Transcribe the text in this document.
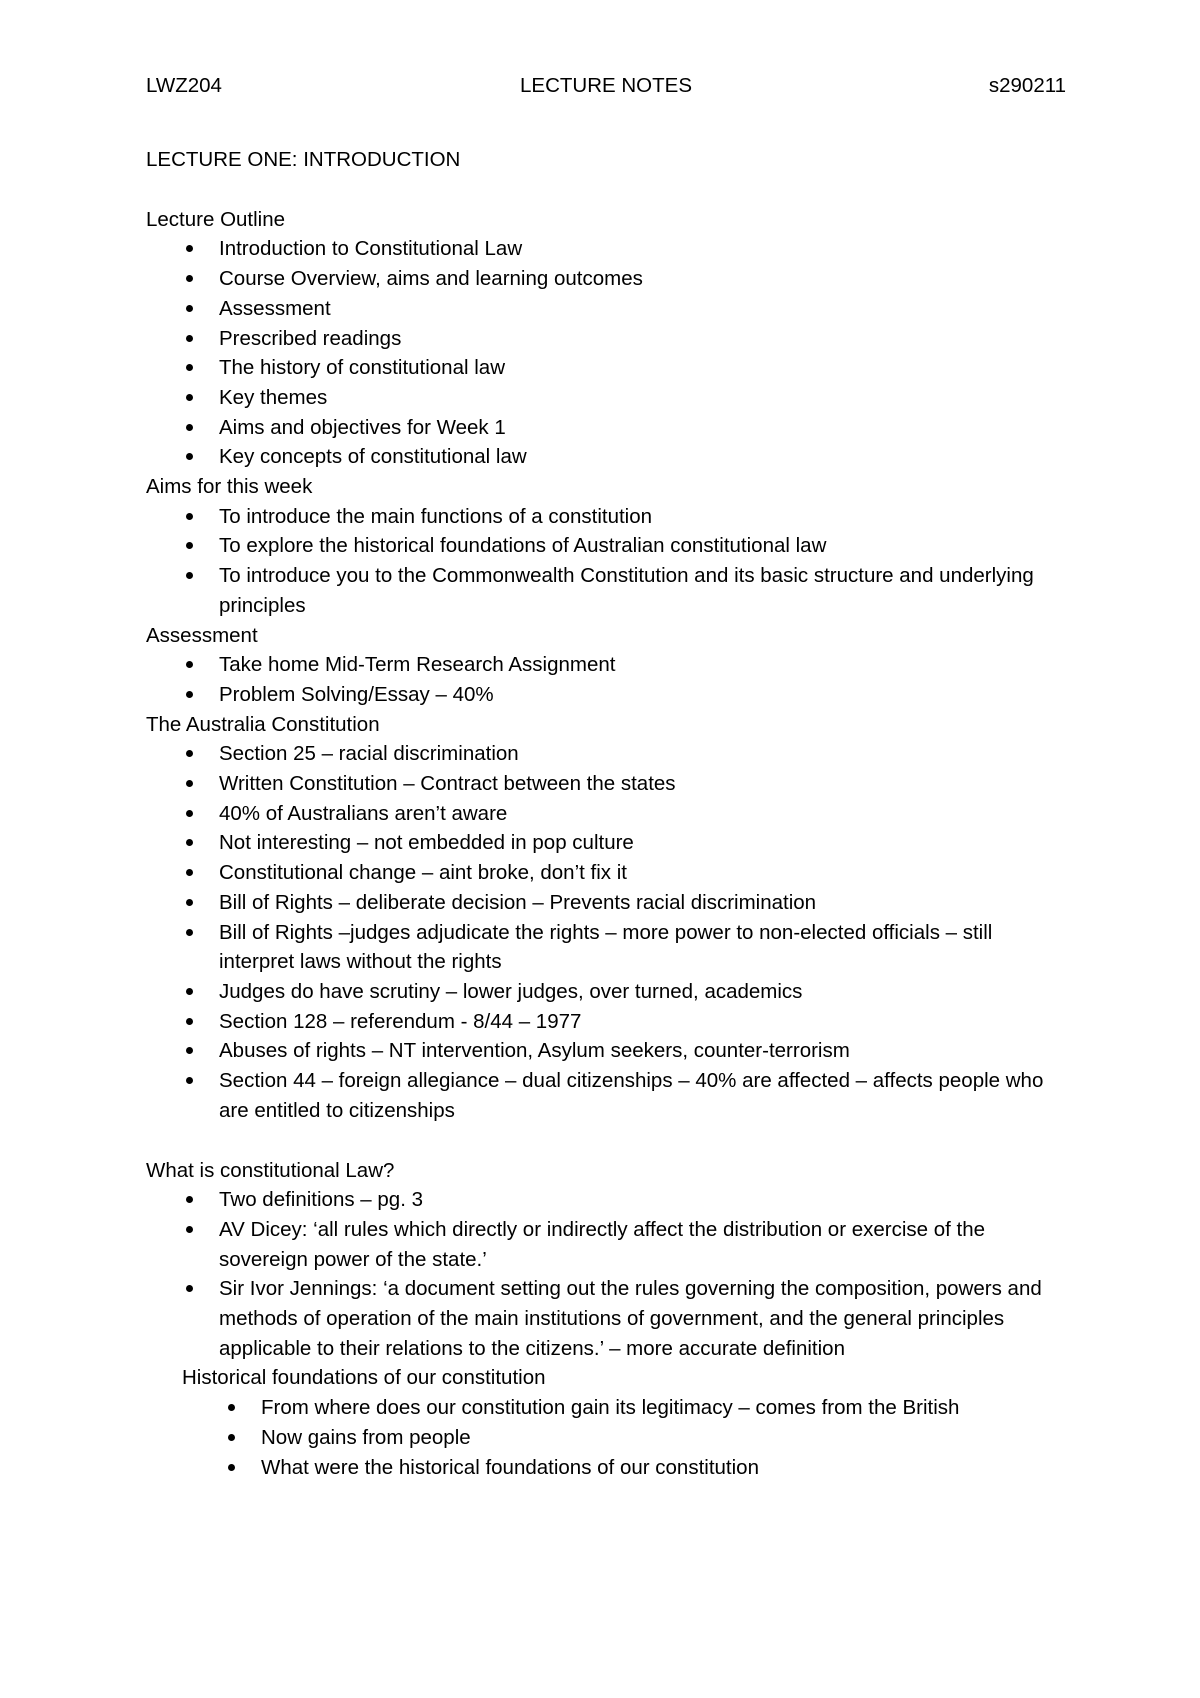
LWZ204	LECTURE NOTES	s290211
LECTURE ONE: INTRODUCTION
Lecture Outline
Introduction to Constitutional Law
Course Overview, aims and learning outcomes
Assessment
Prescribed readings
The history of constitutional law
Key themes
Aims and objectives for Week 1
Key concepts of constitutional law
Aims for this week
To introduce the main functions of a constitution
To explore the historical foundations of Australian constitutional law
To introduce you to the Commonwealth Constitution and its basic structure and underlying principles
Assessment
Take home Mid-Term Research Assignment
Problem Solving/Essay – 40%
The Australia Constitution
Section 25 – racial discrimination
Written Constitution – Contract between the states
40% of Australians aren’t aware
Not interesting – not embedded in pop culture
Constitutional change – aint broke, don’t fix it
Bill of Rights – deliberate decision – Prevents racial discrimination
Bill of Rights –judges adjudicate the rights – more power to non-elected officials – still interpret laws without the rights
Judges do have scrutiny – lower judges, over turned, academics
Section 128 – referendum - 8/44 – 1977
Abuses of rights – NT intervention, Asylum seekers, counter-terrorism
Section 44 – foreign allegiance – dual citizenships – 40% are affected – affects people who are entitled to citizenships
What is constitutional Law?
Two definitions – pg. 3
AV Dicey: ‘all rules which directly or indirectly affect the distribution or exercise of the sovereign power of the state.’
Sir Ivor Jennings: ‘a document setting out the rules governing the composition, powers and methods of operation of the main institutions of government, and the general principles applicable to their relations to the citizens.’ – more accurate definition
Historical foundations of our constitution
From where does our constitution gain its legitimacy – comes from the British
Now gains from people
What were the historical foundations of our constitution
